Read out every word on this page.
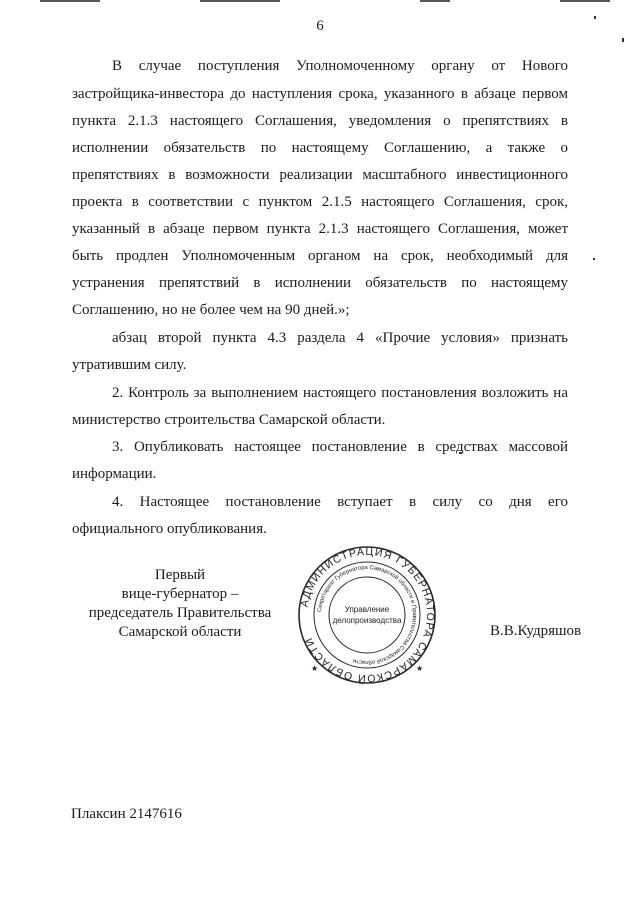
6
В случае поступления Уполномоченному органу от Нового
застройщика-инвестора до наступления срока, указанного в абзаце первом
пункта 2.1.3 настоящего Соглашения, уведомления о препятствиях в
исполнении обязательств по настоящему Соглашению, а также о
препятствиях в возможности реализации масштабного инвестиционного
проекта в соответствии с пунктом 2.1.5 настоящего Соглашения, срок,
указанный в абзаце первом пункта 2.1.3 настоящего Соглашения, может
быть продлен Уполномоченным органом на срок, необходимый для
устранения препятствий в исполнении обязательств по настоящему
Соглашению, но не более чем на 90 дней.»;
абзац второй пункта 4.3 раздела 4 «Прочие условия» признать
утратившим силу.
2. Контроль за выполнением настоящего постановления возложить на
министерство строительства Самарской области.
3. Опубликовать настоящее постановление в средствах массовой
информации.
4. Настоящее постановление вступает в силу со дня его
официального опубликования.
Первый
вице-губернатор –
председатель Правительства
Самарской области
АДМИНИСТРАЦИЯ ГУБЕРНАТОРА САМАРСКОЙ ОБЛАСТИ
Секретариат Губернатора Самарской области и Правительства Самарской области
Управление
делопроизводства
★	★
В.В.Кудряшов
Плаксин 2147616
